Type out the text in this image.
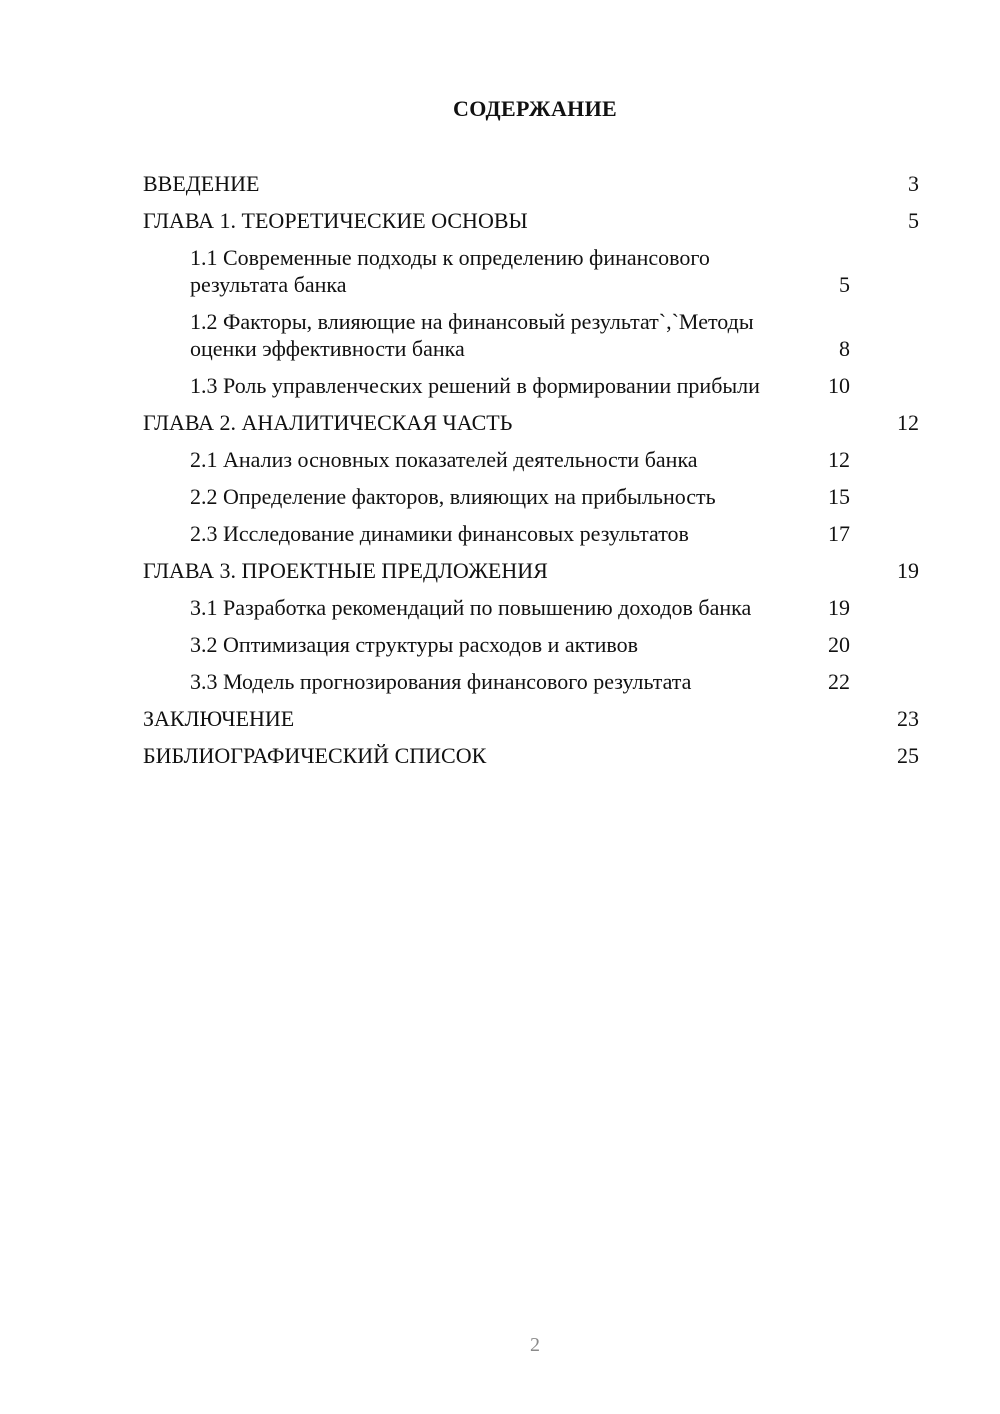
СОДЕРЖАНИЕ
ВВЕДЕНИЕ	3
ГЛАВА 1. ТЕОРЕТИЧЕСКИЕ ОСНОВЫ	5
1.1 Современные подходы к определению финансового результата банка	5
1.2 Факторы, влияющие на финансовый результат`,`Методы оценки эффективности банка	8
1.3 Роль управленческих решений в формировании прибыли	10
ГЛАВА 2. АНАЛИТИЧЕСКАЯ ЧАСТЬ	12
2.1 Анализ основных показателей деятельности банка	12
2.2 Определение факторов, влияющих на прибыльность	15
2.3 Исследование динамики финансовых результатов	17
ГЛАВА 3. ПРОЕКТНЫЕ ПРЕДЛОЖЕНИЯ	19
3.1 Разработка рекомендаций по повышению доходов банка	19
3.2 Оптимизация структуры расходов и активов	20
3.3 Модель прогнозирования финансового результата	22
ЗАКЛЮЧЕНИЕ	23
БИБЛИОГРАФИЧЕСКИЙ СПИСОК	25
2
